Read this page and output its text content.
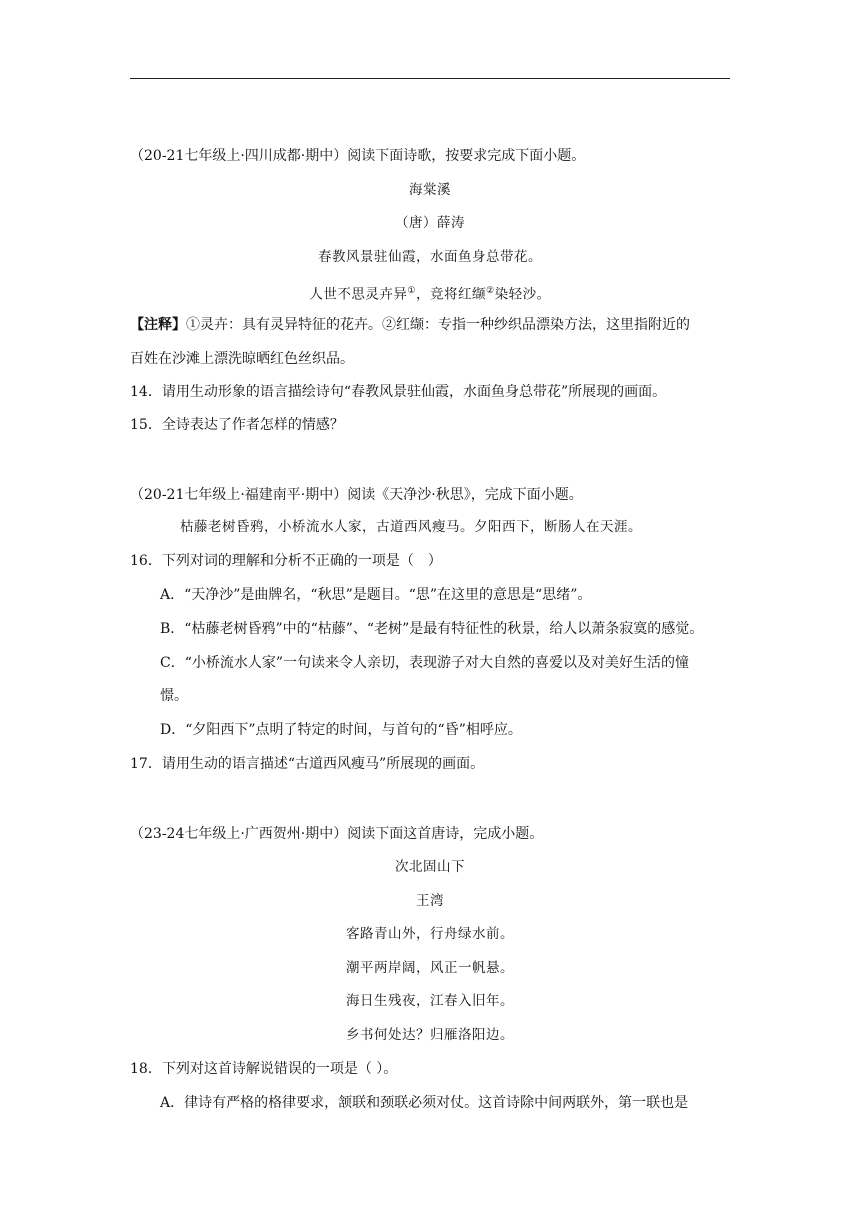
（20-21七年级上·四川成都·期中）阅读下面诗歌，按要求完成下面小题。
海棠溪
（唐）薛涛
春教风景驻仙霞，水面鱼身总带花。
人世不思灵卉异①，竞将红缬②染轻沙。
【注释】①灵卉：具有灵异特征的花卉。②红缬：专指一种纱织品漂染方法，这里指附近的
百姓在沙滩上漂洗晾晒红色丝织品。
14．请用生动形象的语言描绘诗句“春教风景驻仙霞，水面鱼身总带花”所展现的画面。
15．全诗表达了作者怎样的情感？
（20-21七年级上·福建南平·期中）阅读《天净沙·秋思》，完成下面小题。
枯藤老树昏鸦，小桥流水人家，古道西风瘦马。夕阳西下，断肠人在天涯。
16．下列对词的理解和分析不正确的一项是（　）
A．“天净沙”是曲牌名，“秋思”是题目。“思”在这里的意思是“思绪”。
B．“枯藤老树昏鸦”中的“枯藤”、“老树”是最有特征性的秋景，给人以萧条寂寞的感觉。
C．“小桥流水人家”一句读来令人亲切，表现游子对大自然的喜爱以及对美好生活的憧
憬。
D．“夕阳西下”点明了特定的时间，与首句的“昏”相呼应。
17．请用生动的语言描述“古道西风瘦马”所展现的画面。
（23-24七年级上·广西贺州·期中）阅读下面这首唐诗，完成小题。
次北固山下
王湾
客路青山外，行舟绿水前。
潮平两岸阔，风正一帆悬。
海日生残夜，江春入旧年。
乡书何处达？归雁洛阳边。
18．下列对这首诗解说错误的一项是（ ）。
A．律诗有严格的格律要求，颔联和颈联必须对仗。这首诗除中间两联外，第一联也是
